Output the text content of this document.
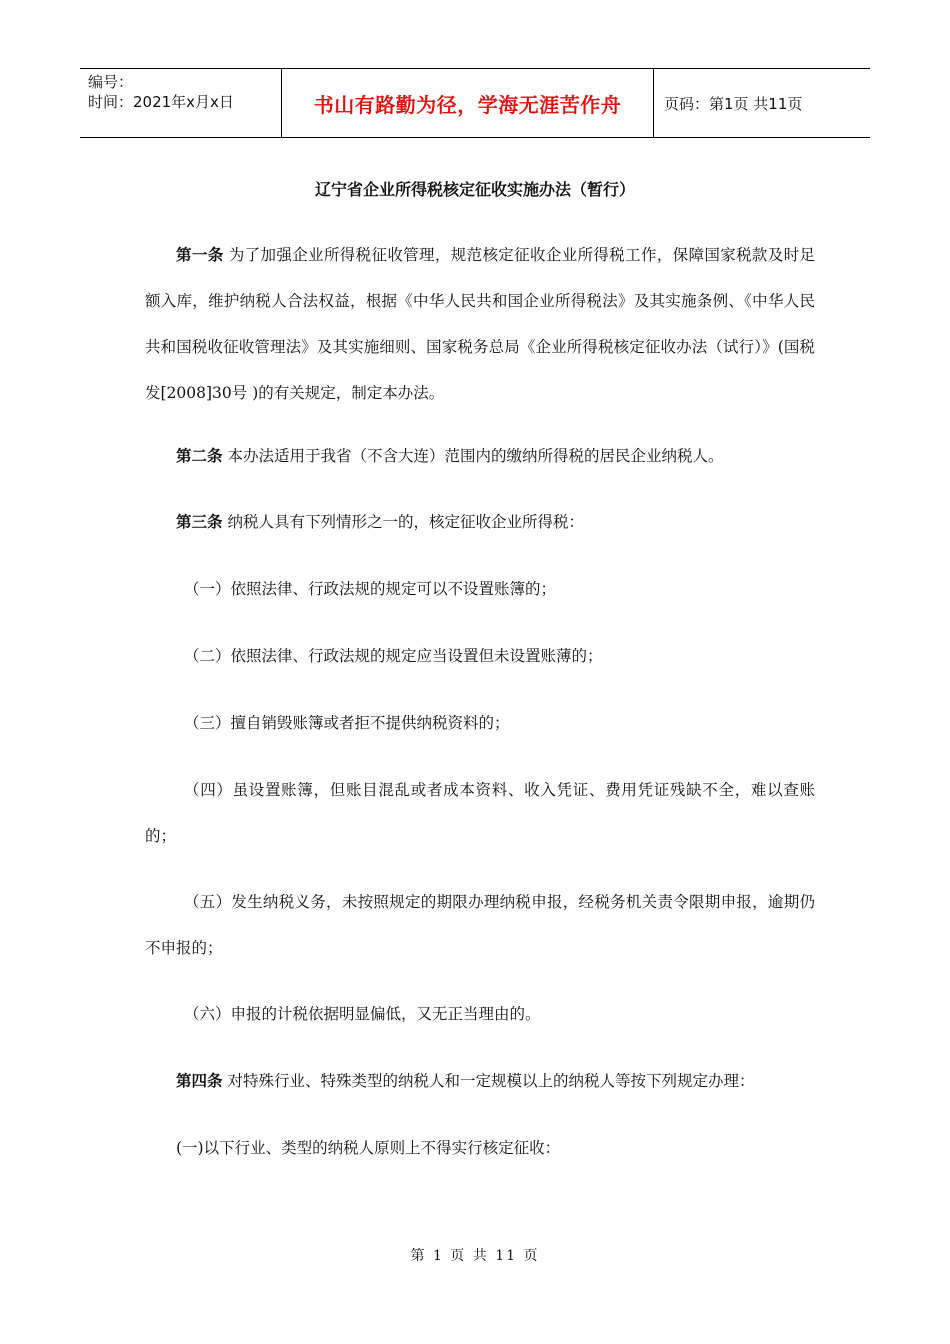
编号：
时间：2021年x月x日	书山有路勤为径，学海无涯苦作舟	页码：第1页 共11页
辽宁省企业所得税核定征收实施办法（暂行）
第一条 为了加强企业所得税征收管理，规范核定征收企业所得税工作，保障国家税款及时足额入库，维护纳税人合法权益，根据《中华人民共和国企业所得税法》及其实施条例、《中华人民共和国税收征收管理法》及其实施细则、国家税务总局《企业所得税核定征收办法（试行）》(国税发[2008]30号 )的有关规定，制定本办法。
第二条 本办法适用于我省（不含大连）范围内的缴纳所得税的居民企业纳税人。
第三条 纳税人具有下列情形之一的，核定征收企业所得税：
（一）依照法律、行政法规的规定可以不设置账簿的；
（二）依照法律、行政法规的规定应当设置但未设置账薄的；
（三）擅自销毁账簿或者拒不提供纳税资料的；
（四）虽设置账簿，但账目混乱或者成本资料、收入凭证、费用凭证残缺不全，难以查账的；
（五）发生纳税义务，未按照规定的期限办理纳税申报，经税务机关责令限期申报，逾期仍不申报的；
（六）申报的计税依据明显偏低，又无正当理由的。
第四条 对特殊行业、特殊类型的纳税人和一定规模以上的纳税人等按下列规定办理：
(一)以下行业、类型的纳税人原则上不得实行核定征收：
第 1 页 共 11 页
